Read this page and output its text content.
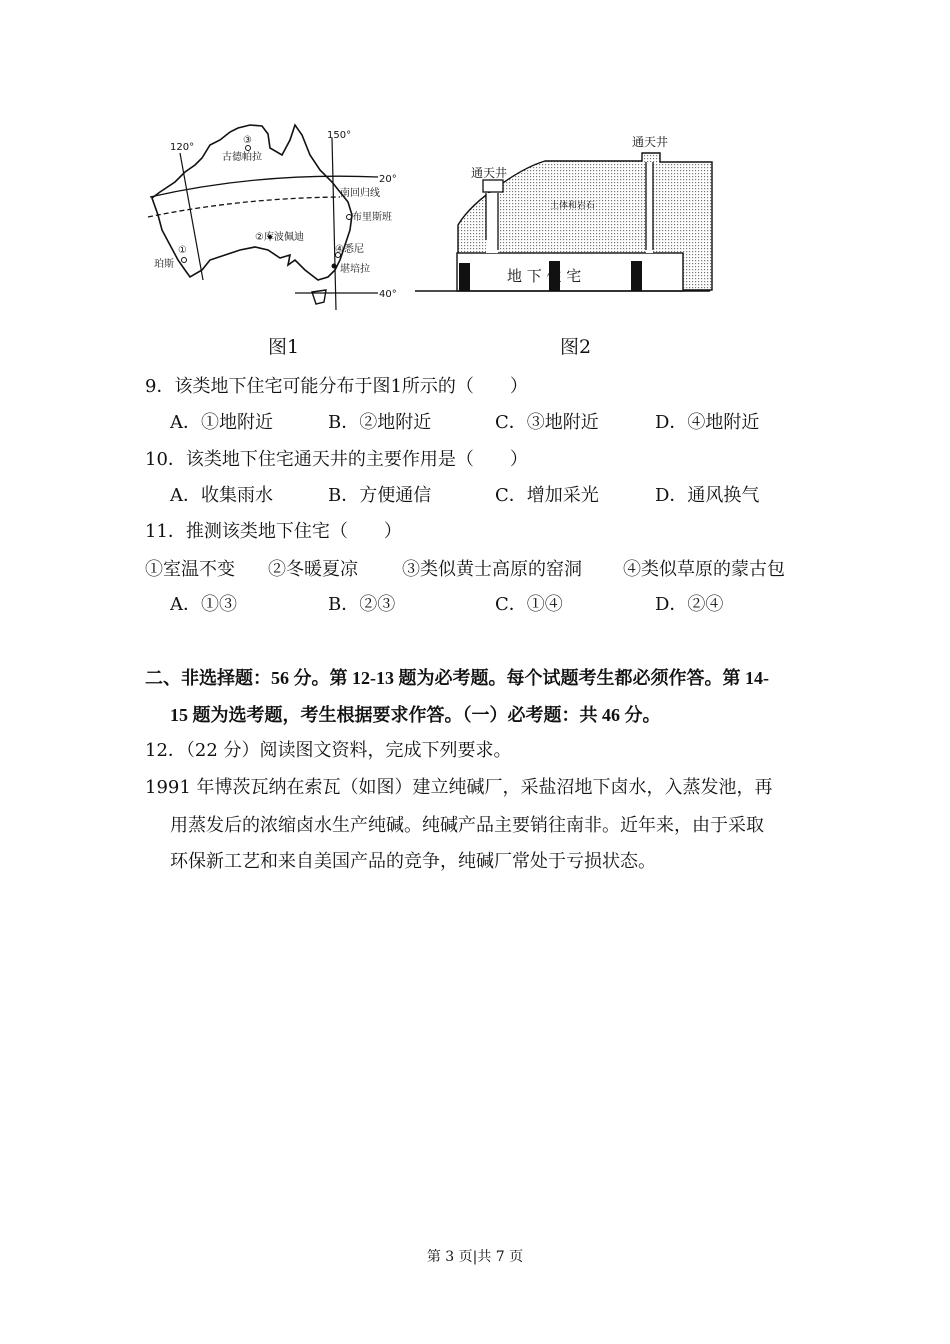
120°
150°
20°
40°
南回归线
布里斯班
②库波佩迪
④悉尼
堪培拉
①
珀斯
③
古德帕拉
通天井
通天井
土体和岩石
地 下 住 宅
图1	图2
9．该类地下住宅可能分布于图1所示的（　　）
A．①地附近	B．②地附近	C．③地附近	D．④地附近
10．该类地下住宅通天井的主要作用是（　　）
A．收集雨水	B．方便通信	C．增加采光	D．通风换气
11．推测该类地下住宅（　　）
①室温不变 ②冬暖夏凉 ③类似黄士高原的窑洞 ④类似草原的蒙古包
A．①③	B．②③	C．①④	D．②④
二、非选择题：56 分。第 12-13 题为必考题。每个试题考生都必须作答。第 14-
15 题为选考题，考生根据要求作答。（一）必考题：共 46 分。
12．（22 分）阅读图文资料，完成下列要求。
1991 年博茨瓦纳在索瓦（如图）建立纯碱厂，采盐沼地下卤水，入蒸发池，再
用蒸发后的浓缩卤水生产纯碱。纯碱产品主要销往南非。近年来，由于采取
环保新工艺和来自美国产品的竞争，纯碱厂常处于亏损状态。
第 3 页|共 7 页
